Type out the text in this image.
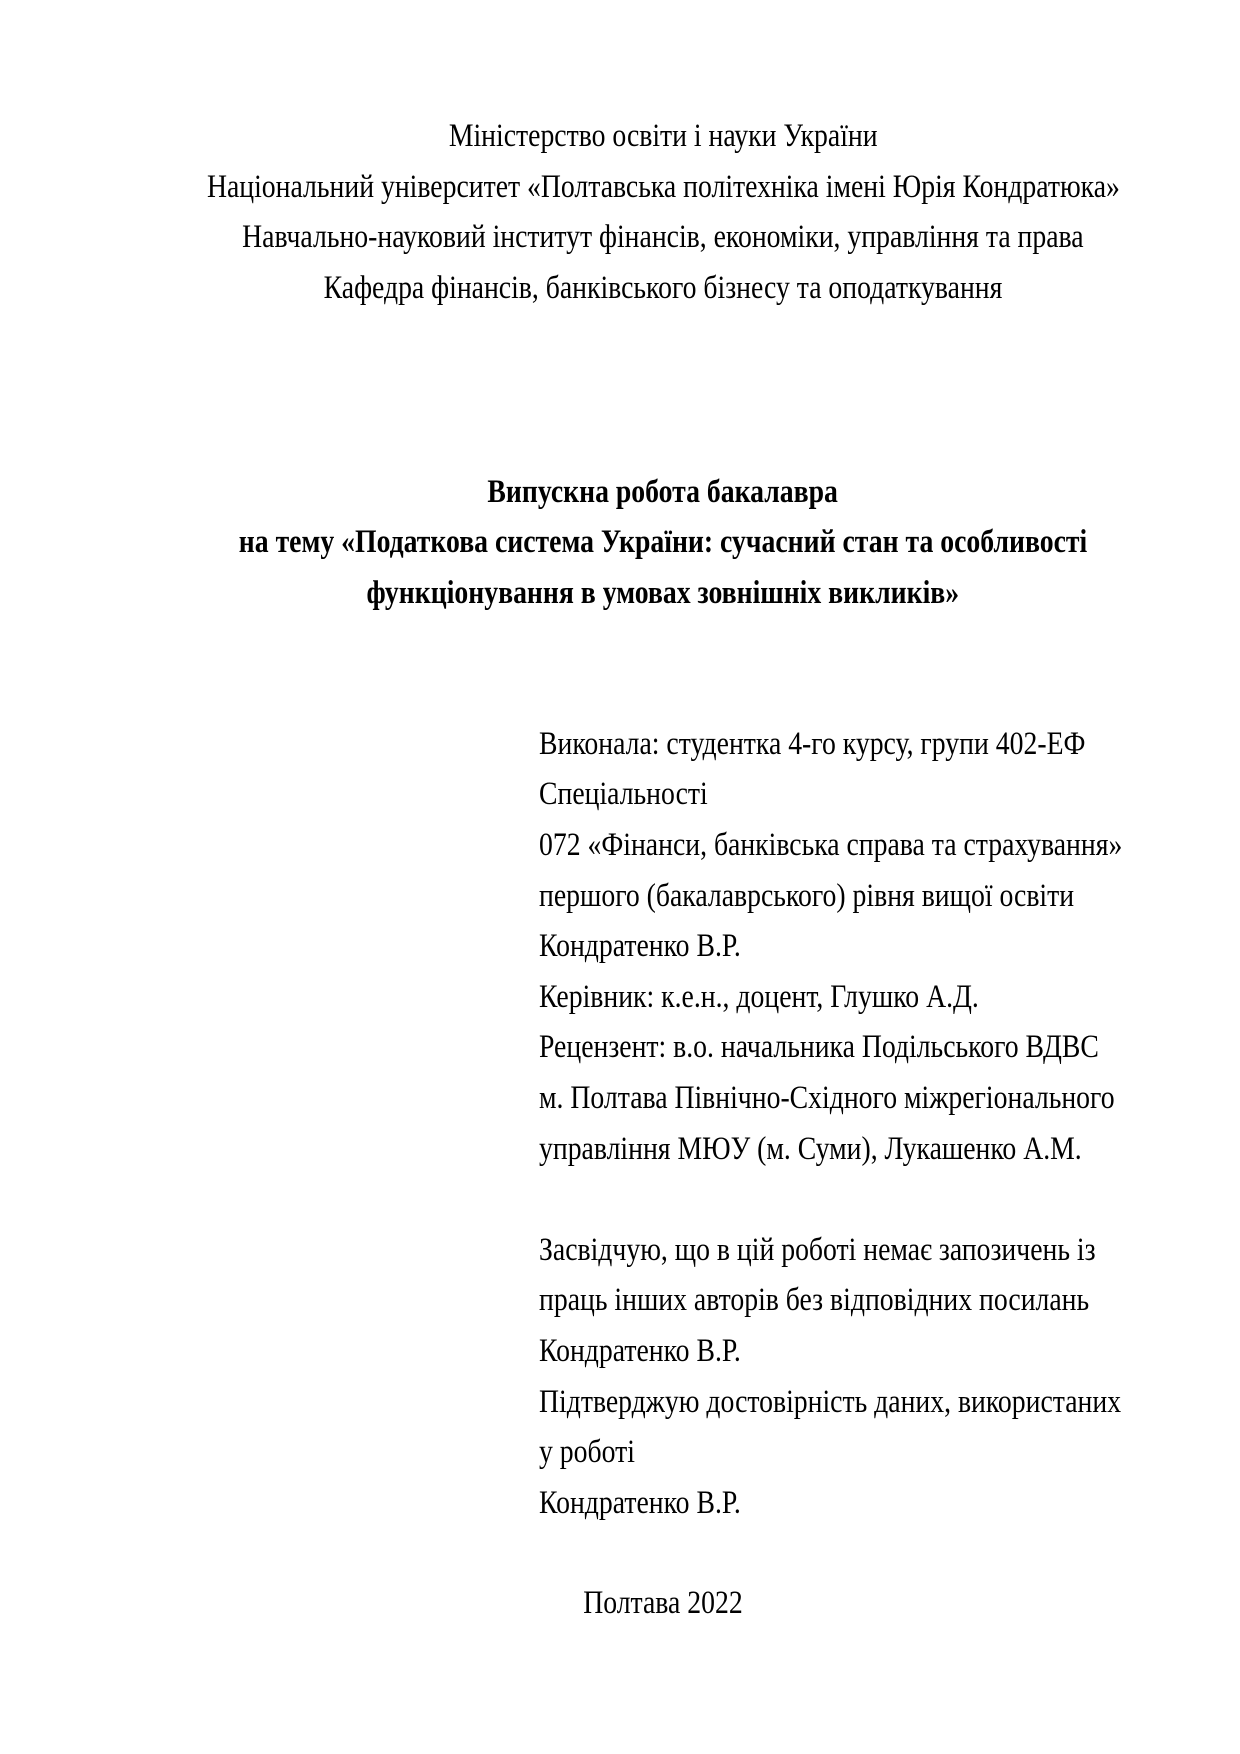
Міністерство освіти і науки України
Національний університет «Полтавська політехніка імені Юрія Кондратюка»
Навчально-науковий інститут фінансів, економіки, управління та права
Кафедра фінансів, банківського бізнесу та оподаткування
Випускна робота бакалавра
на тему «Податкова система України: сучасний стан та особливості
функціонування в умовах зовнішніх викликів»
Виконала: студентка 4-го курсу, групи 402-ЕФ
Спеціальності
072 «Фінанси, банківська справа та страхування»
першого (бакалаврського) рівня вищої освіти
Кондратенко В.Р.
Керівник: к.е.н., доцент, Глушко А.Д.
Рецензент: в.о. начальника Подільського ВДВС
м. Полтава Північно-Східного міжрегіонального
управління МЮУ (м. Суми), Лукашенко А.М.
Засвідчую, що в цій роботі немає запозичень із
праць інших авторів без відповідних посилань
Кондратенко В.Р.
Підтверджую достовірність даних, використаних
у роботі
Кондратенко В.Р.
Полтава 2022
